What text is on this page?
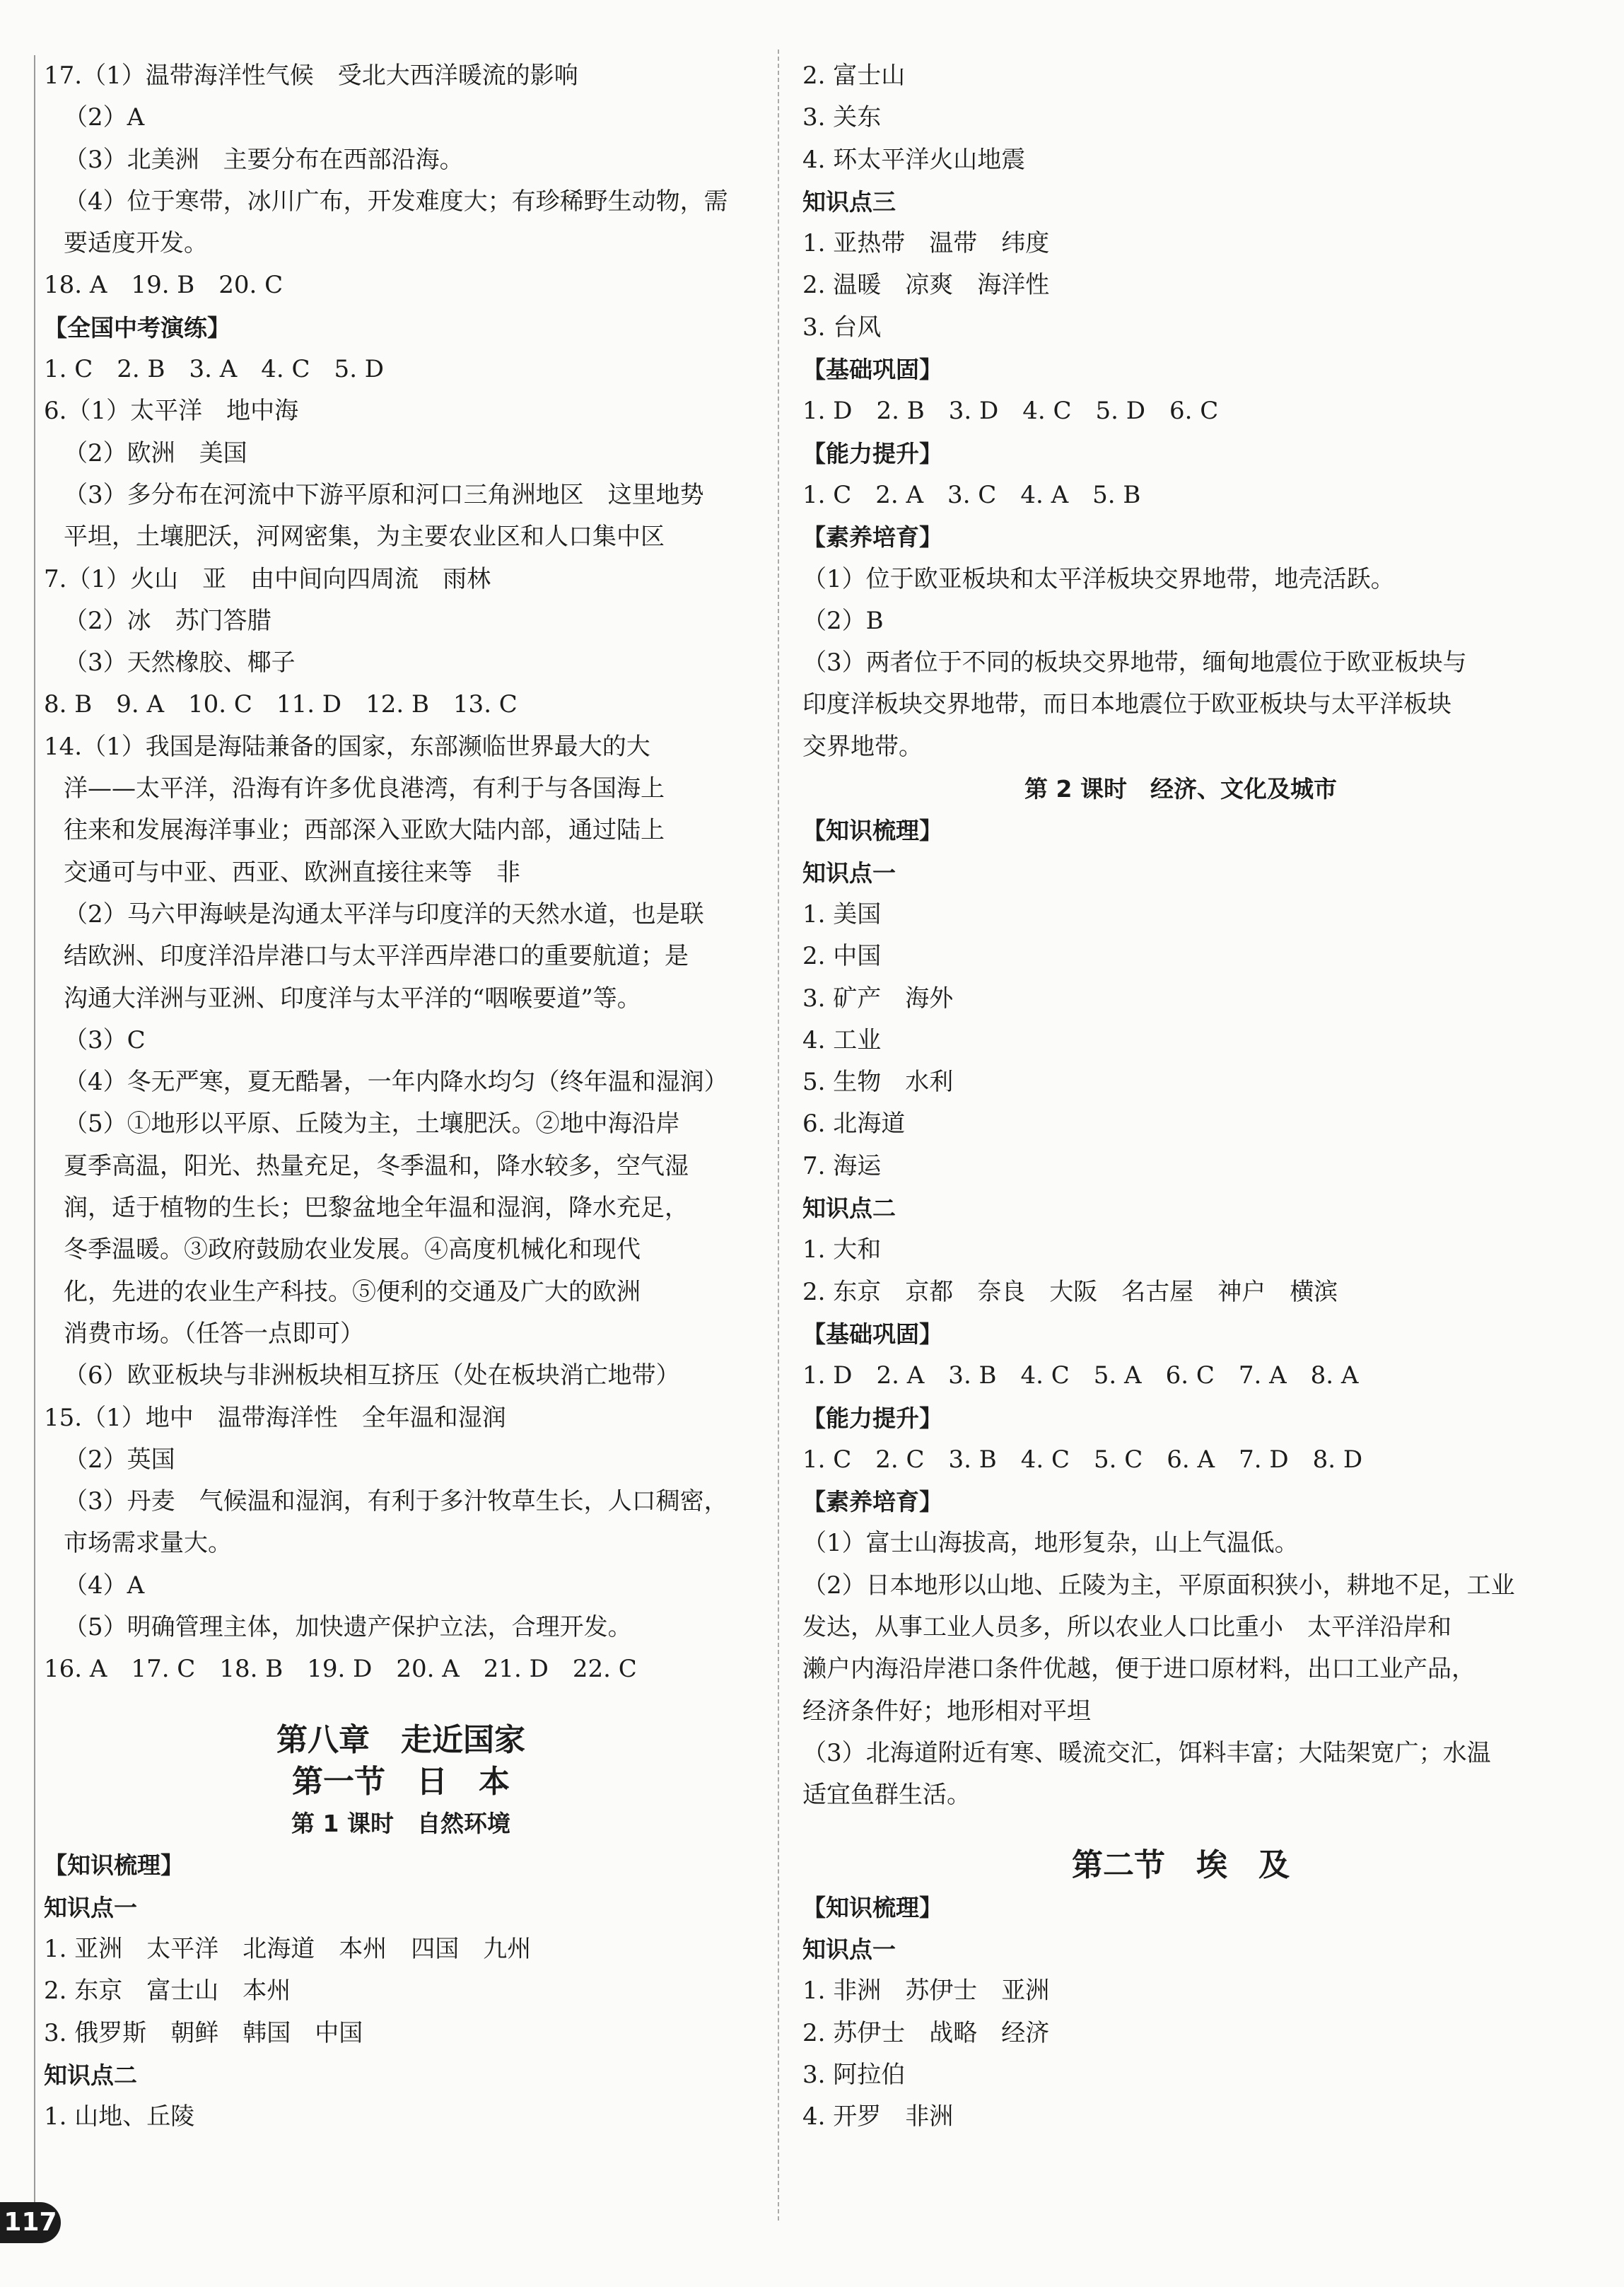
17.（1）温带海洋性气候　受北大西洋暖流的影响
（2）A
（3）北美洲　主要分布在西部沿海。
（4）位于寒带，冰川广布，开发难度大；有珍稀野生动物，需
要适度开发。
18. A　19. B　20. C
【全国中考演练】
1. C　2. B　3. A　4. C　5. D
6.（1）太平洋　地中海
（2）欧洲　美国
（3）多分布在河流中下游平原和河口三角洲地区　这里地势
平坦，土壤肥沃，河网密集，为主要农业区和人口集中区
7.（1）火山　亚　由中间向四周流　雨林
（2）冰　苏门答腊
（3）天然橡胶、椰子
8. B　9. A　10. C　11. D　12. B　13. C
14.（1）我国是海陆兼备的国家，东部濒临世界最大的大
洋——太平洋，沿海有许多优良港湾，有利于与各国海上
往来和发展海洋事业；西部深入亚欧大陆内部，通过陆上
交通可与中亚、西亚、欧洲直接往来等　非
（2）马六甲海峡是沟通太平洋与印度洋的天然水道，也是联
结欧洲、印度洋沿岸港口与太平洋西岸港口的重要航道；是
沟通大洋洲与亚洲、印度洋与太平洋的“咽喉要道”等。
（3）C
（4）冬无严寒，夏无酷暑，一年内降水均匀（终年温和湿润）
（5）①地形以平原、丘陵为主，土壤肥沃。②地中海沿岸
夏季高温，阳光、热量充足，冬季温和，降水较多，空气湿
润，适于植物的生长；巴黎盆地全年温和湿润，降水充足，
冬季温暖。③政府鼓励农业发展。④高度机械化和现代
化，先进的农业生产科技。⑤便利的交通及广大的欧洲
消费市场。（任答一点即可）
（6）欧亚板块与非洲板块相互挤压（处在板块消亡地带）
15.（1）地中　温带海洋性　全年温和湿润
（2）英国
（3）丹麦　气候温和湿润，有利于多汁牧草生长，人口稠密，
市场需求量大。
（4）A
（5）明确管理主体，加快遗产保护立法，合理开发。
16. A　17. C　18. B　19. D　20. A　21. D　22. C
第八章　走近国家
第一节　日　本
第 1 课时　自然环境
【知识梳理】
知识点一
1. 亚洲　太平洋　北海道　本州　四国　九州
2. 东京　富士山　本州
3. 俄罗斯　朝鲜　韩国　中国
知识点二
1. 山地、丘陵
2. 富士山
3. 关东
4. 环太平洋火山地震
知识点三
1. 亚热带　温带　纬度
2. 温暖　凉爽　海洋性
3. 台风
【基础巩固】
1. D　2. B　3. D　4. C　5. D　6. C
【能力提升】
1. C　2. A　3. C　4. A　5. B
【素养培育】
（1）位于欧亚板块和太平洋板块交界地带，地壳活跃。
（2）B
（3）两者位于不同的板块交界地带，缅甸地震位于欧亚板块与
印度洋板块交界地带，而日本地震位于欧亚板块与太平洋板块
交界地带。
第 2 课时　经济、文化及城市
【知识梳理】
知识点一
1. 美国
2. 中国
3. 矿产　海外
4. 工业
5. 生物　水利
6. 北海道
7. 海运
知识点二
1. 大和
2. 东京　京都　奈良　大阪　名古屋　神户　横滨
【基础巩固】
1. D　2. A　3. B　4. C　5. A　6. C　7. A　8. A
【能力提升】
1. C　2. C　3. B　4. C　5. C　6. A　7. D　8. D
【素养培育】
（1）富士山海拔高，地形复杂，山上气温低。
（2）日本地形以山地、丘陵为主，平原面积狭小，耕地不足，工业
发达，从事工业人员多，所以农业人口比重小　太平洋沿岸和
濑户内海沿岸港口条件优越，便于进口原材料，出口工业产品，
经济条件好；地形相对平坦
（3）北海道附近有寒、暖流交汇，饵料丰富；大陆架宽广；水温
适宜鱼群生活。
第二节　埃　及
【知识梳理】
知识点一
1. 非洲　苏伊士　亚洲
2. 苏伊士　战略　经济
3. 阿拉伯
4. 开罗　非洲
117
